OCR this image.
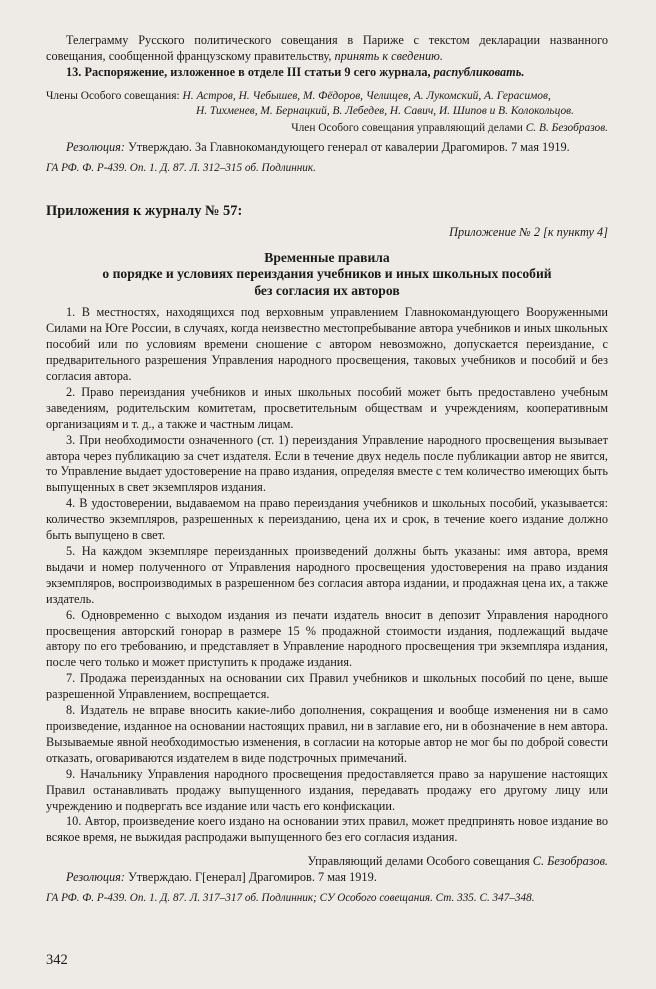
Телеграмму Русского политического совещания в Париже с текстом декларации названного совещания, сообщенной французскому правительству, принять к сведению.

13. Распоряжение, изложенное в отделе III статьи 9 сего журнала, распубликовать.

Члены Особого совещания: Н. Астров, Н. Чебышев, М. Фёдоров, Челищев, А. Лукомский, А. Герасимов,

Н. Тихменев, М. Бернацкий, В. Лебедев, Н. Савич, И. Шипов и В. Колокольцов.

Член Особого совещания управляющий делами С. В. Безобразов.

Резолюция: Утверждаю. За Главнокомандующего генерал от кавалерии Драгомиров. 7 мая 1919.

ГА РФ. Ф. Р-439. Оп. 1. Д. 87. Л. 312–315 об. Подлинник.

Приложения к журналу № 57:

Приложение № 2 [к пункту 4]

Временные правила

о порядке и условиях переиздания учебников и иных школьных пособий

без согласия их авторов

1. В местностях, находящихся под верховным управлением Главнокомандующего Вооруженными Силами на Юге России, в случаях, когда неизвестно местопребывание автора учебников и иных школьных пособий или по условиям времени сношение с автором невозможно, допускается переиздание, с предварительного разрешения Управления народного просвещения, таковых учебников и пособий и без согласия автора.

2. Право переиздания учебников и иных школьных пособий может быть предоставлено учебным заведениям, родительским комитетам, просветительным обществам и учреждениям, кооперативным организациям и т. д., а также и частным лицам.

3. При необходимости означенного (ст. 1) переиздания Управление народного просвещения вызывает автора через публикацию за счет издателя. Если в течение двух недель после публикации автор не явится, то Управление выдает удостоверение на право издания, определяя вместе с тем количество имеющих быть выпущенных в свет экземпляров издания.

4. В удостоверении, выдаваемом на право переиздания учебников и школьных пособий, указывается: количество экземпляров, разрешенных к переизданию, цена их и срок, в течение коего издание должно быть выпущено в свет.

5. На каждом экземпляре переизданных произведений должны быть указаны: имя автора, время выдачи и номер полученного от Управления народного просвещения удостоверения на право издания экземпляров, воспроизводимых в разрешенном без согласия автора издании, и продажная цена их, а также издатель.

6. Одновременно с выходом издания из печати издатель вносит в депозит Управления народного просвещения авторский гонорар в размере 15 % продажной стоимости издания, подлежащий выдаче автору по его требованию, и представляет в Управление народного просвещения три экземпляра издания, после чего только и может приступить к продаже издания.

7. Продажа переизданных на основании сих Правил учебников и школьных пособий по цене, выше разрешенной Управлением, воспрещается.

8. Издатель не вправе вносить какие-либо дополнения, сокращения и вообще изменения ни в само произведение, изданное на основании настоящих правил, ни в заглавие его, ни в обозначение в нем автора. Вызываемые явной необходимостью изменения, в согласии на которые автор не мог бы по доброй совести отказать, оговариваются издателем в виде подстрочных примечаний.

9. Начальнику Управления народного просвещения предоставляется право за нарушение настоящих Правил останавливать продажу выпущенного издания, передавать продажу его другому лицу или учреждению и подвергать все издание или часть его конфискации.

10. Автор, произведение коего издано на основании этих правил, может предпринять новое издание во всякое время, не выжидая распродажи выпущенного без его согласия издания.

Управляющий делами Особого совещания С. Безобразов.

Резолюция: Утверждаю. Г[енерал] Драгомиров. 7 мая 1919.

ГА РФ. Ф. Р-439. Оп. 1. Д. 87. Л. 317–317 об. Подлинник; СУ Особого совещания. Ст. 335. С. 347–348.

342
